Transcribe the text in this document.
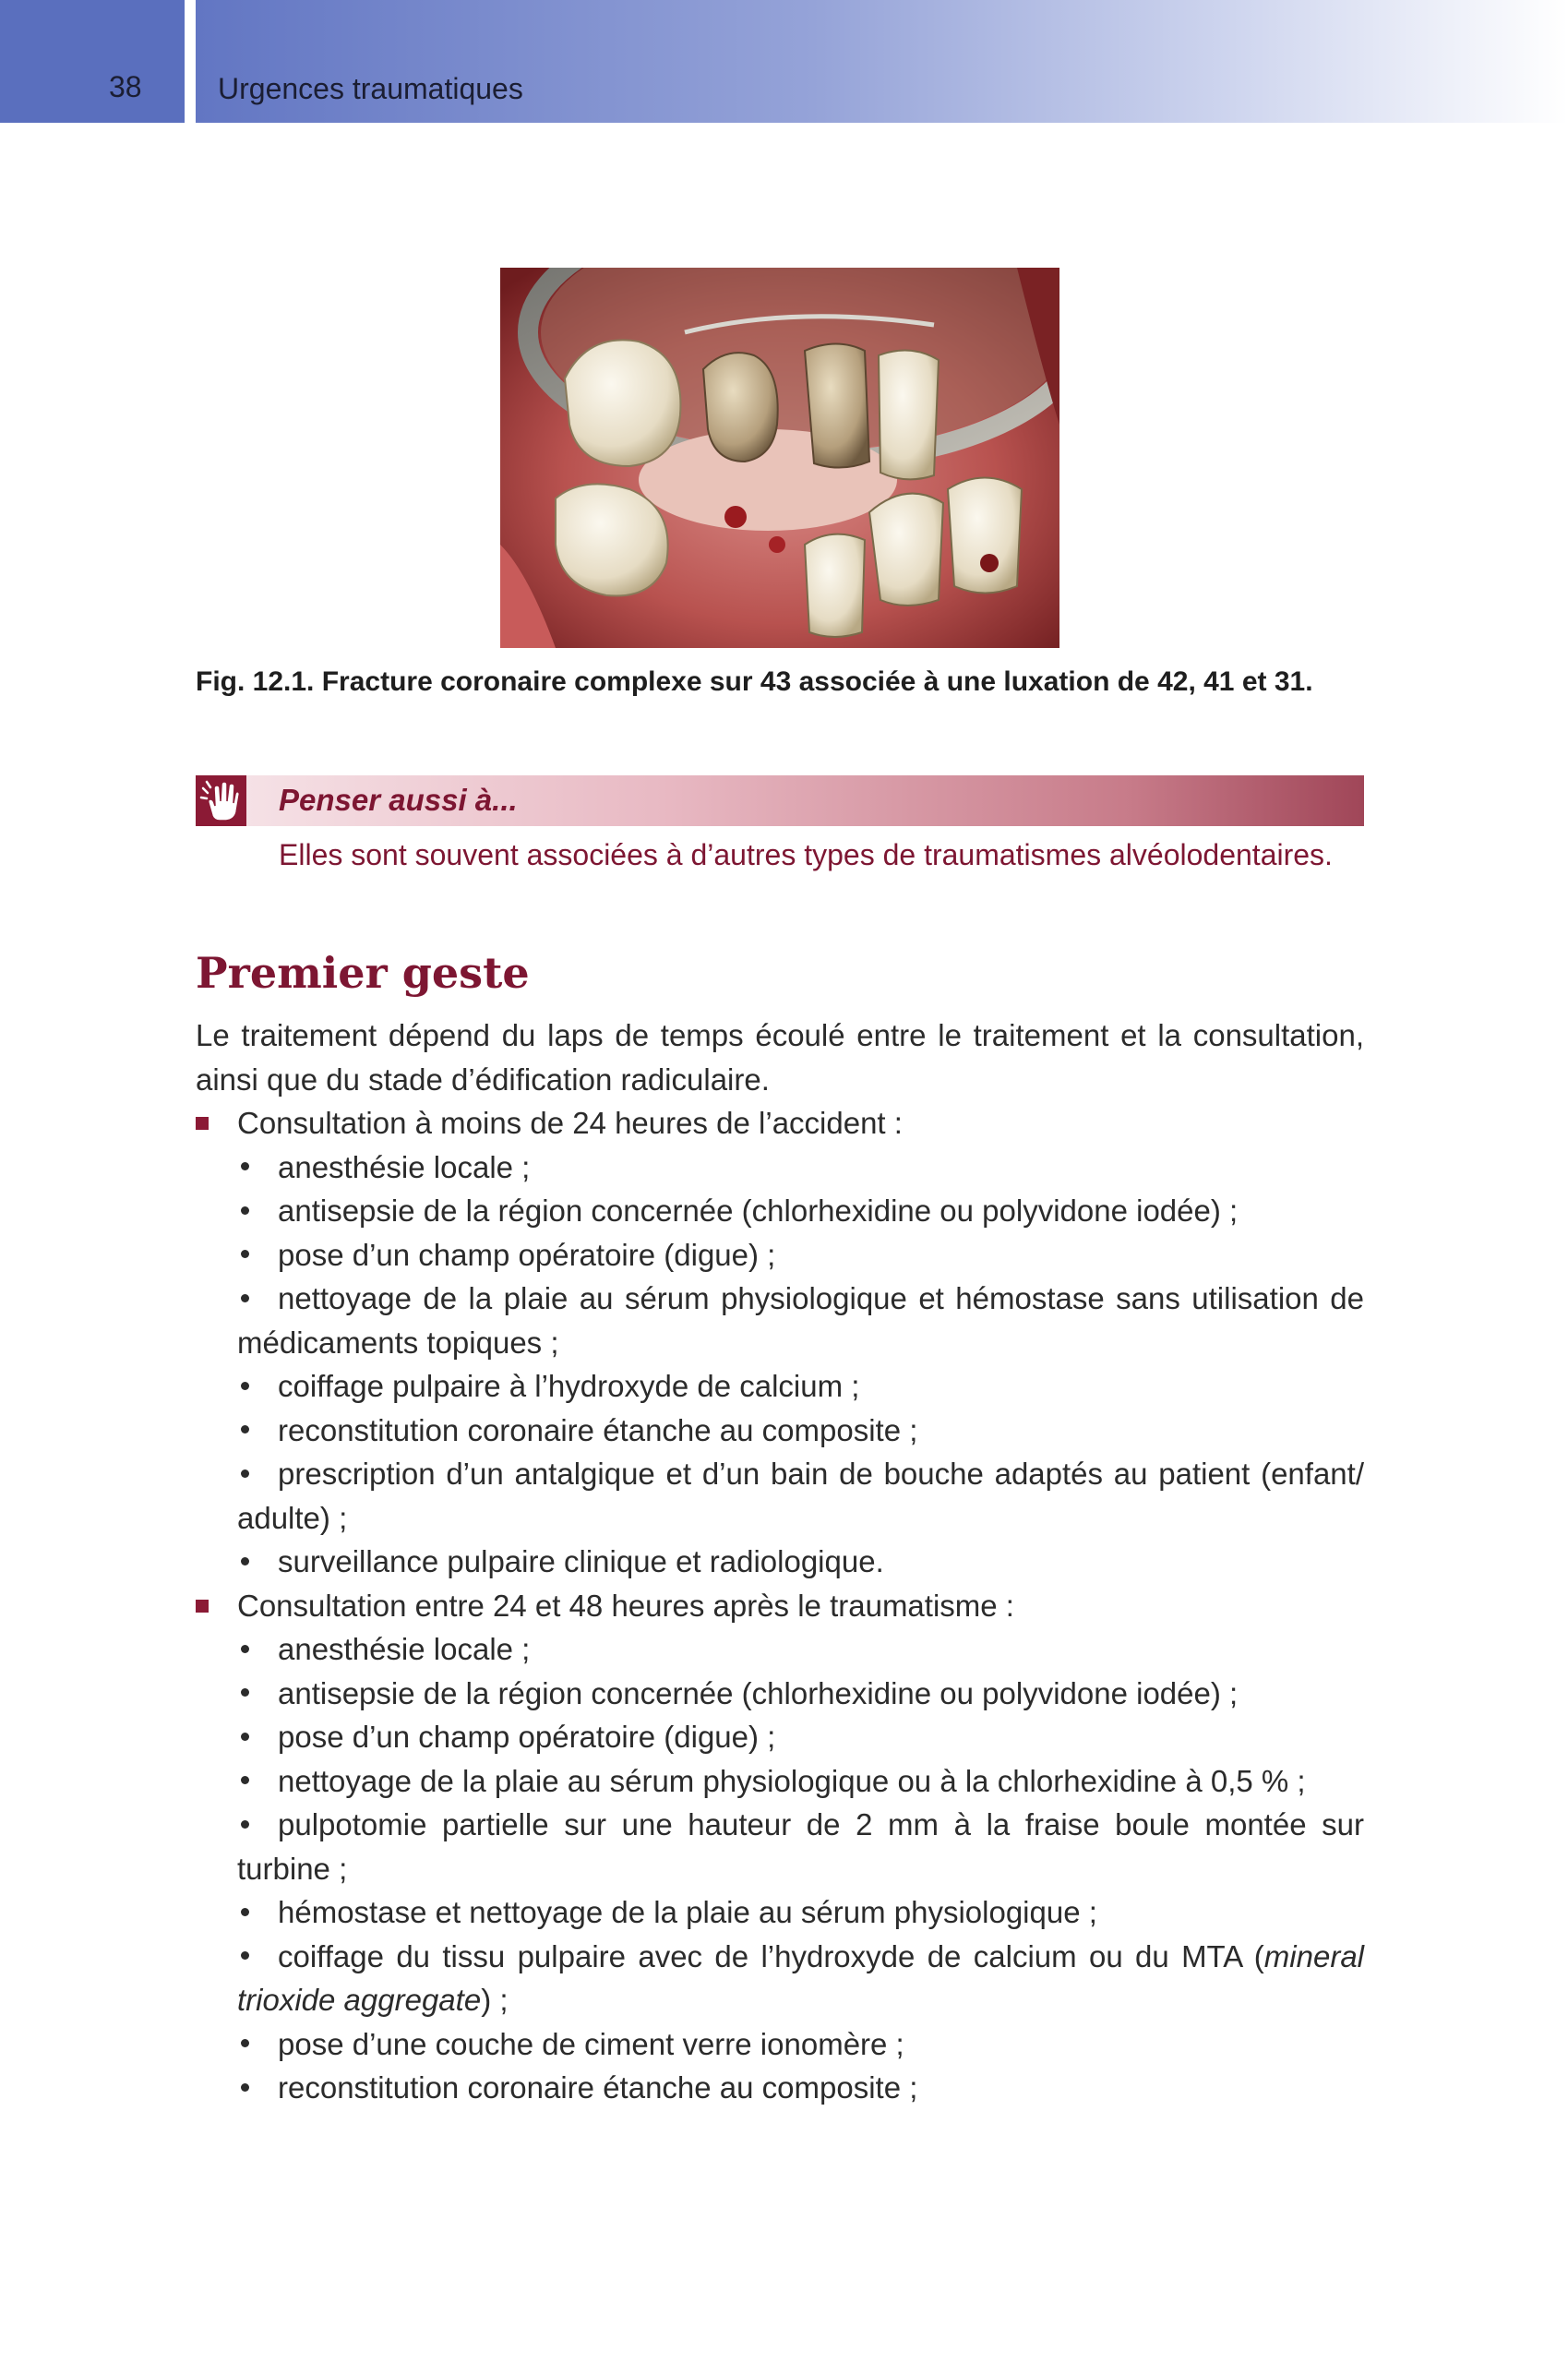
38	Urgences traumatiques
Fig. 12.1. Fracture coronaire complexe sur 43 associée à une luxation de 42, 41 et 31.
Penser aussi à...
Elles sont souvent associées à d’autres types de traumatismes alvéolodentaires.
Premier geste

Le traitement dépend du laps de temps écoulé entre le traitement et la consultation, ainsi que du stade d’édification radiculaire.

Consultation à moins de 24 heures de l’accident :

anesthésie locale ;

antisepsie de la région concernée (chlorhexidine ou polyvidone iodée) ;

pose d’un champ opératoire (digue) ;

nettoyage de la plaie au sérum physiologique et hémostase sans utilisation de

médicaments topiques ;

coiffage pulpaire à l’hydroxyde de calcium ;

reconstitution coronaire étanche au composite ;

prescription d’un antalgique et d’un bain de bouche adaptés au patient (enfant/

adulte) ;

surveillance pulpaire clinique et radiologique.

Consultation entre 24 et 48 heures après le traumatisme :

anesthésie locale ;

antisepsie de la région concernée (chlorhexidine ou polyvidone iodée) ;

pose d’un champ opératoire (digue) ;

nettoyage de la plaie au sérum physiologique ou à la chlorhexidine à 0,5 % ;

pulpotomie partielle sur une hauteur de 2 mm à la fraise boule montée sur

turbine ;

hémostase et nettoyage de la plaie au sérum physiologique ;

coiffage du tissu pulpaire avec de l’hydroxyde de calcium ou du MTA (mineral

trioxide aggregate) ;

pose d’une couche de ciment verre ionomère ;

reconstitution coronaire étanche au composite ;
